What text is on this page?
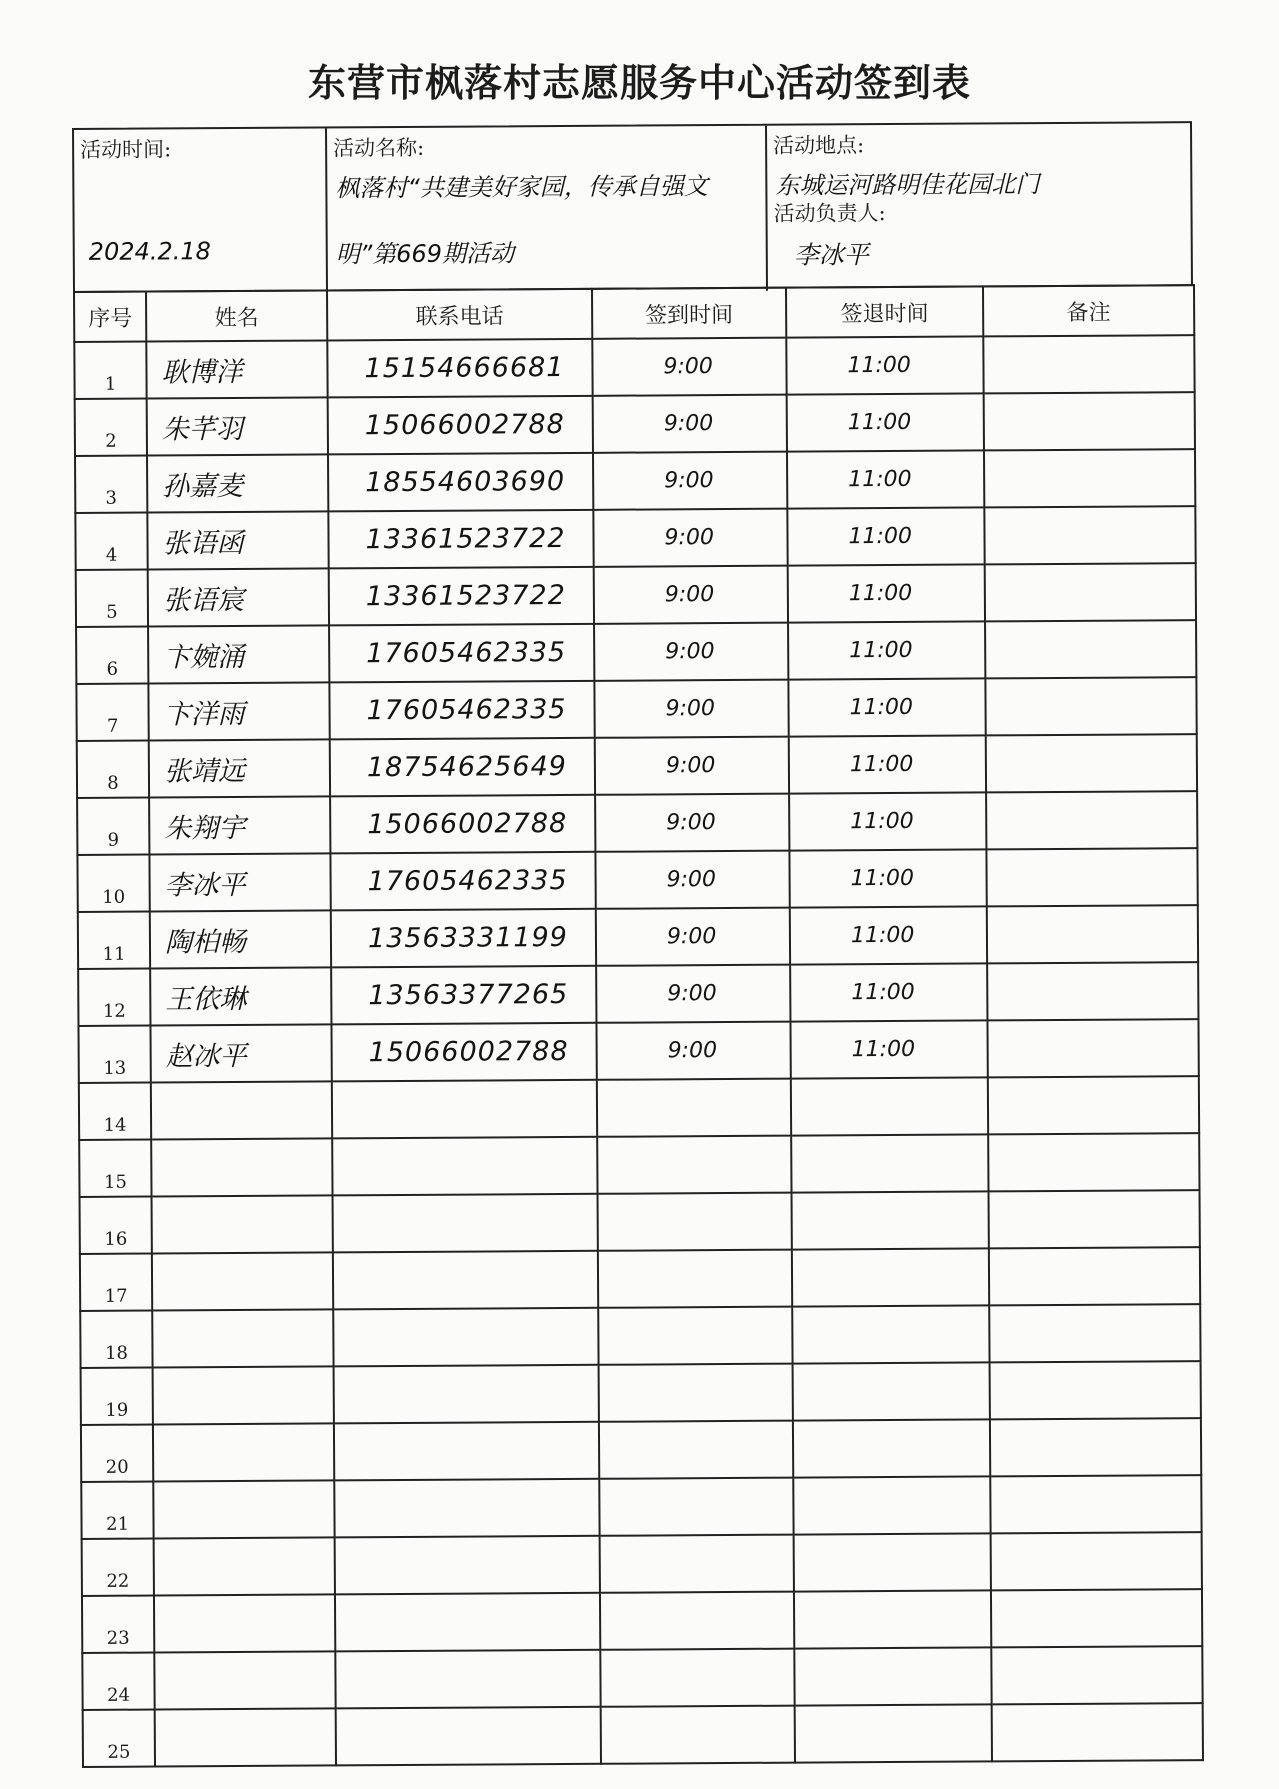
东营市枫落村志愿服务中心活动签到表
活动时间:
2024.2.18
活动名称:
枫落村“共建美好家园，传承自强文
明”第669期活动
活动地点:
东城运河路明佳花园北门
活动负责人:
李冰平
序号	姓名	联系电话	签到时间	签退时间	备注
1	耿博洋	15154666681	9:00	11:00	
2	朱芊羽	15066002788	9:00	11:00	
3	孙嘉麦	18554603690	9:00	11:00	
4	张语函	13361523722	9:00	11:00	
5	张语宸	13361523722	9:00	11:00	
6	卞婉涌	17605462335	9:00	11:00	
7	卞洋雨	17605462335	9:00	11:00	
8	张靖远	18754625649	9:00	11:00	
9	朱翔宇	15066002788	9:00	11:00	
10	李冰平	17605462335	9:00	11:00	
11	陶柏畅	13563331199	9:00	11:00	
12	王依琳	13563377265	9:00	11:00	
13	赵冰平	15066002788	9:00	11:00	
14					
15					
16					
17					
18					
19					
20					
21					
22					
23					
24					
25					
